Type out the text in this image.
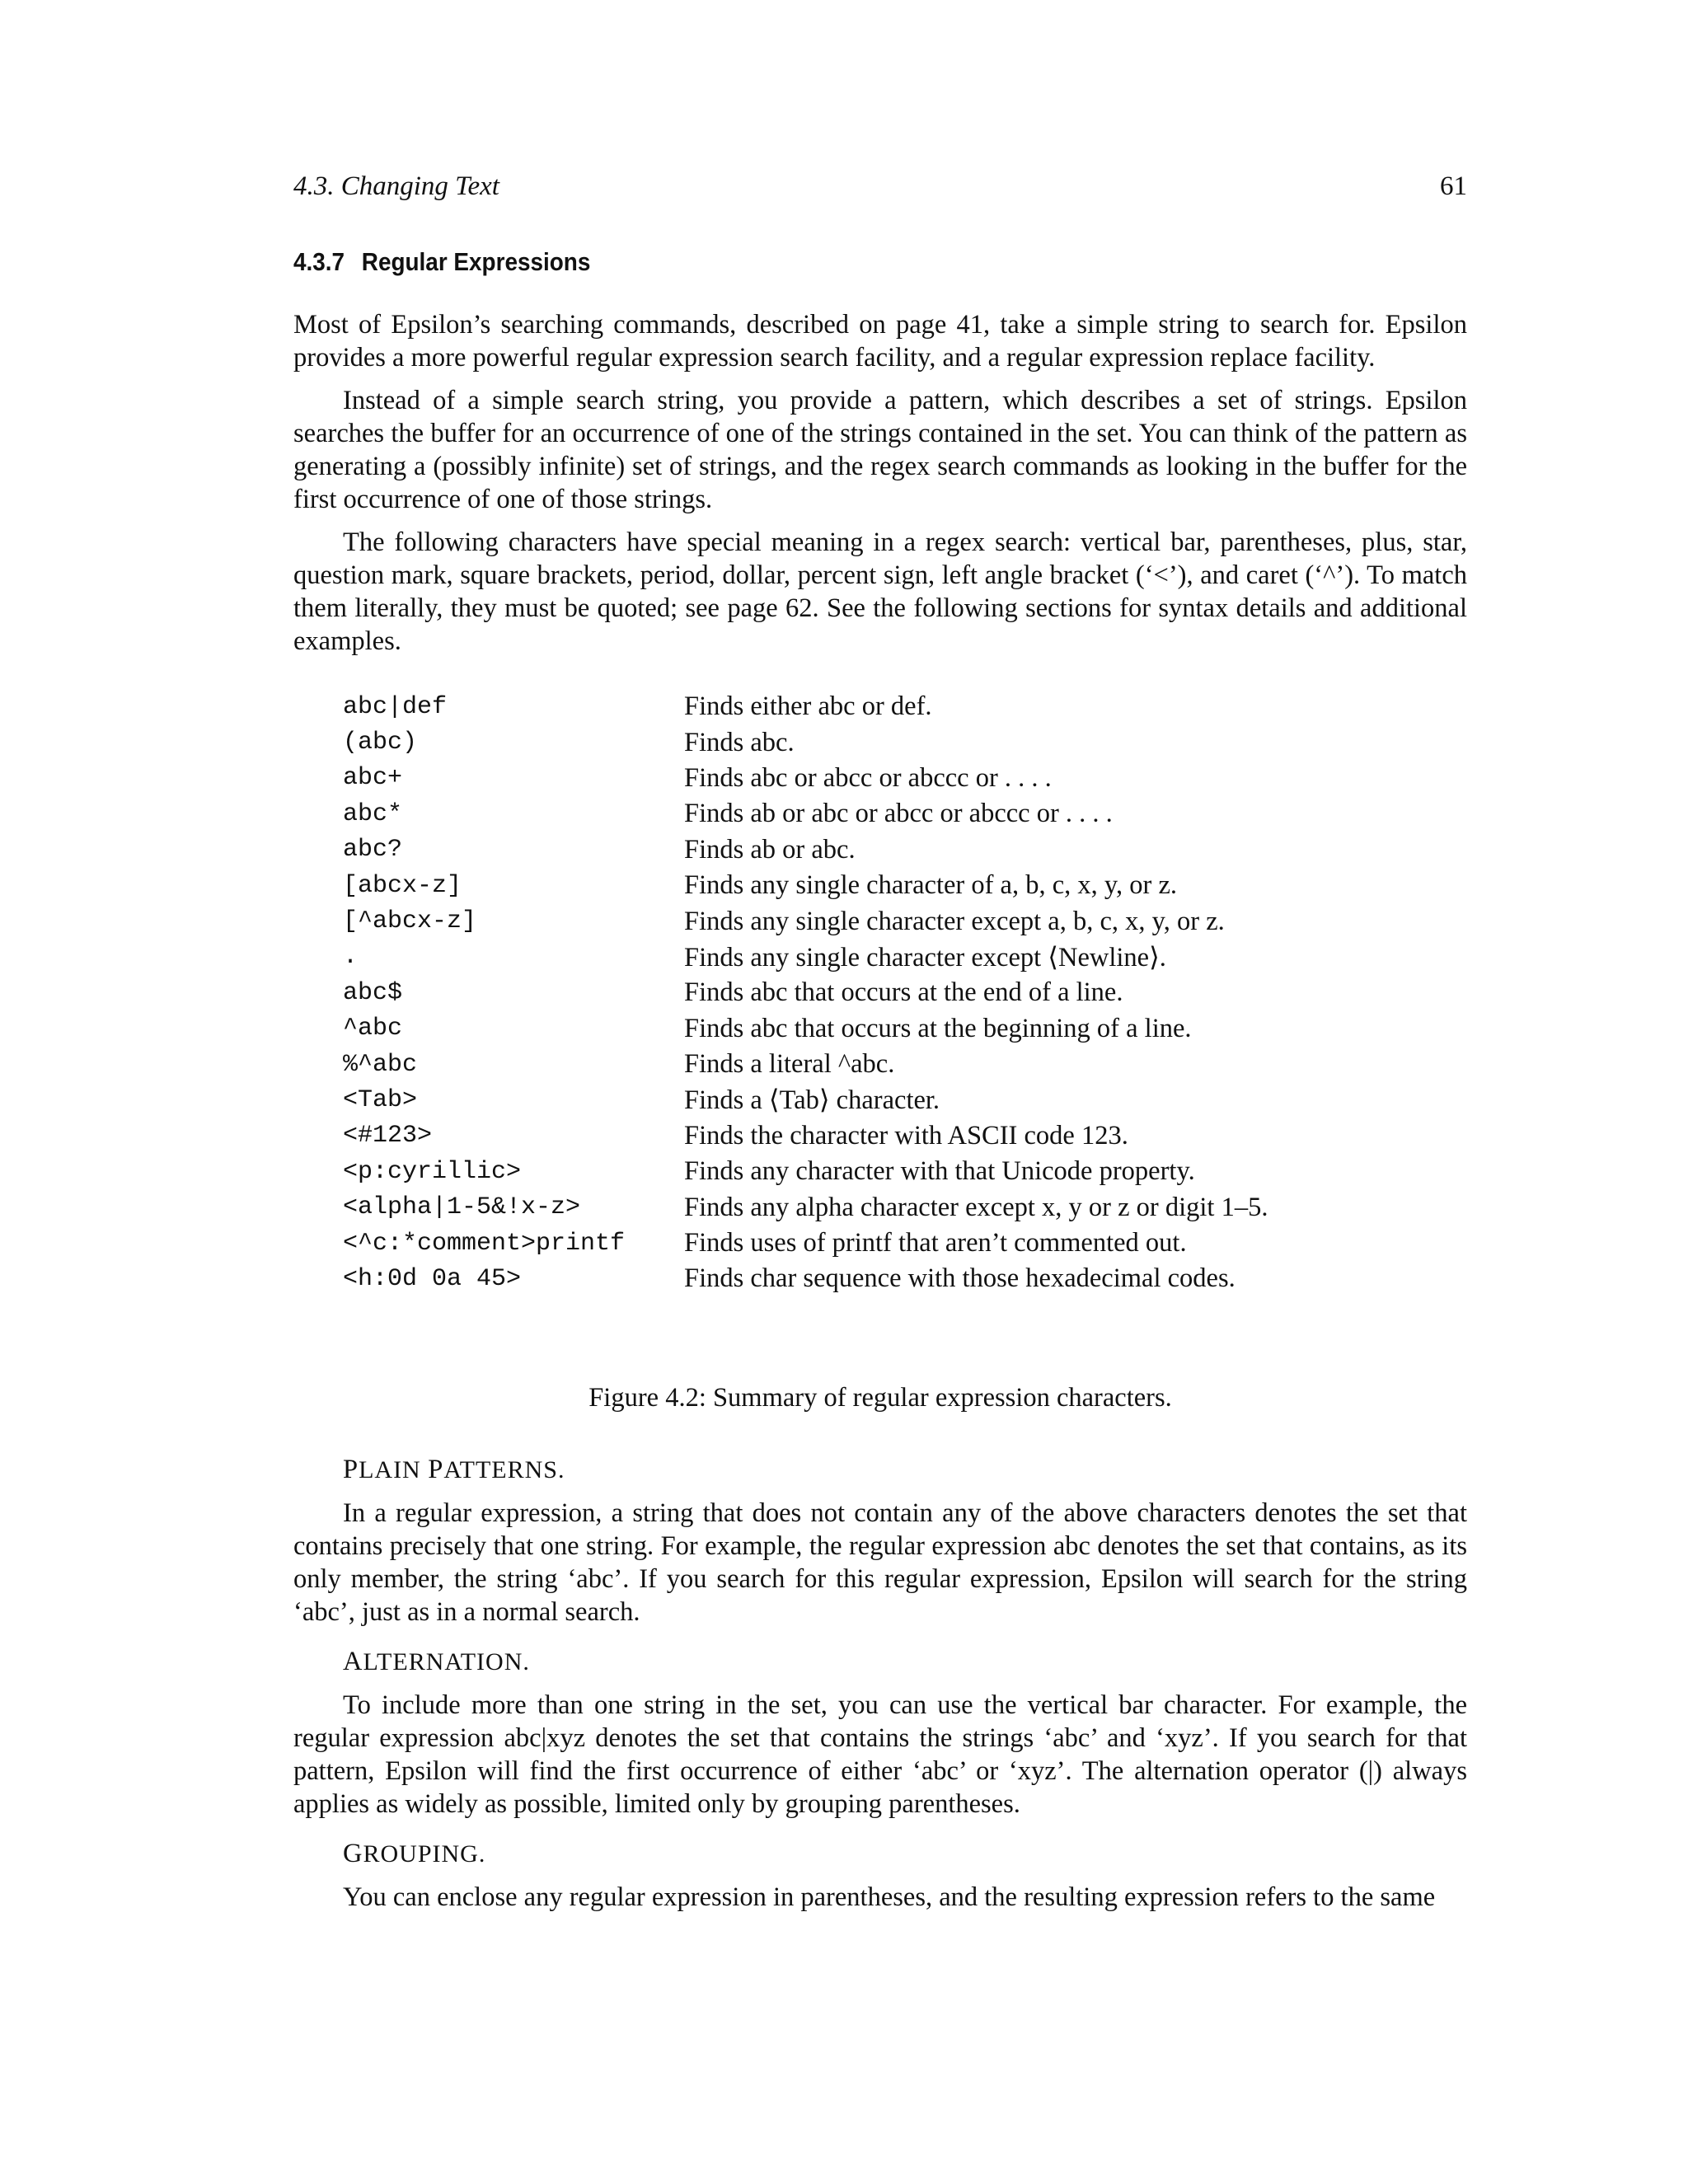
4.3. Changing Text	61
4.3.7 Regular Expressions

Most of Epsilon’s searching commands, described on page 41, take a simple string to search for. Epsilon provides a more powerful regular expression search facility, and a regular expression replace facility.

Instead of a simple search string, you provide a pattern, which describes a set of strings. Epsilon searches the buffer for an occurrence of one of the strings contained in the set. You can think of the pattern as generating a (possibly infinite) set of strings, and the regex search commands as looking in the buffer for the first occurrence of one of those strings.

The following characters have special meaning in a regex search: vertical bar, parentheses, plus, star, question mark, square brackets, period, dollar, percent sign, left angle bracket (‘<’), and caret (‘^’). To match them literally, they must be quoted; see page 62. See the following sections for syntax details and additional examples.

abc|def	Finds either abc or def.
(abc)	Finds abc.
abc+	Finds abc or abcc or abccc or . . . .
abc*	Finds ab or abc or abcc or abccc or . . . .
abc?	Finds ab or abc.
[abcx-z]	Finds any single character of a, b, c, x, y, or z.
[^abcx-z]	Finds any single character except a, b, c, x, y, or z.
.	Finds any single character except ⟨Newline⟩.
abc$	Finds abc that occurs at the end of a line.
^abc	Finds abc that occurs at the beginning of a line.
%^abc	Finds a literal ^abc.
<Tab>	Finds a ⟨Tab⟩ character.
<#123>	Finds the character with ASCII code 123.
<p:cyrillic>	Finds any character with that Unicode property.
<alpha|1-5&!x-z>	Finds any alpha character except x, y or z or digit 1–5.
<^c:*comment>printf	Finds uses of printf that aren’t commented out.
<h:0d 0a 45>	Finds char sequence with those hexadecimal codes.
Figure 4.2: Summary of regular expression characters.
PLAIN PATTERNS.

In a regular expression, a string that does not contain any of the above characters denotes the set that contains precisely that one string. For example, the regular expression abc denotes the set that contains, as its only member, the string ‘abc’. If you search for this regular expression, Epsilon will search for the string ‘abc’, just as in a normal search.

ALTERNATION.

To include more than one string in the set, you can use the vertical bar character. For example, the regular expression abc|xyz denotes the set that contains the strings ‘abc’ and ‘xyz’. If you search for that pattern, Epsilon will find the first occurrence of either ‘abc’ or ‘xyz’. The alternation operator (|) always applies as widely as possible, limited only by grouping parentheses.

GROUPING.

You can enclose any regular expression in parentheses, and the resulting expression refers to the same
